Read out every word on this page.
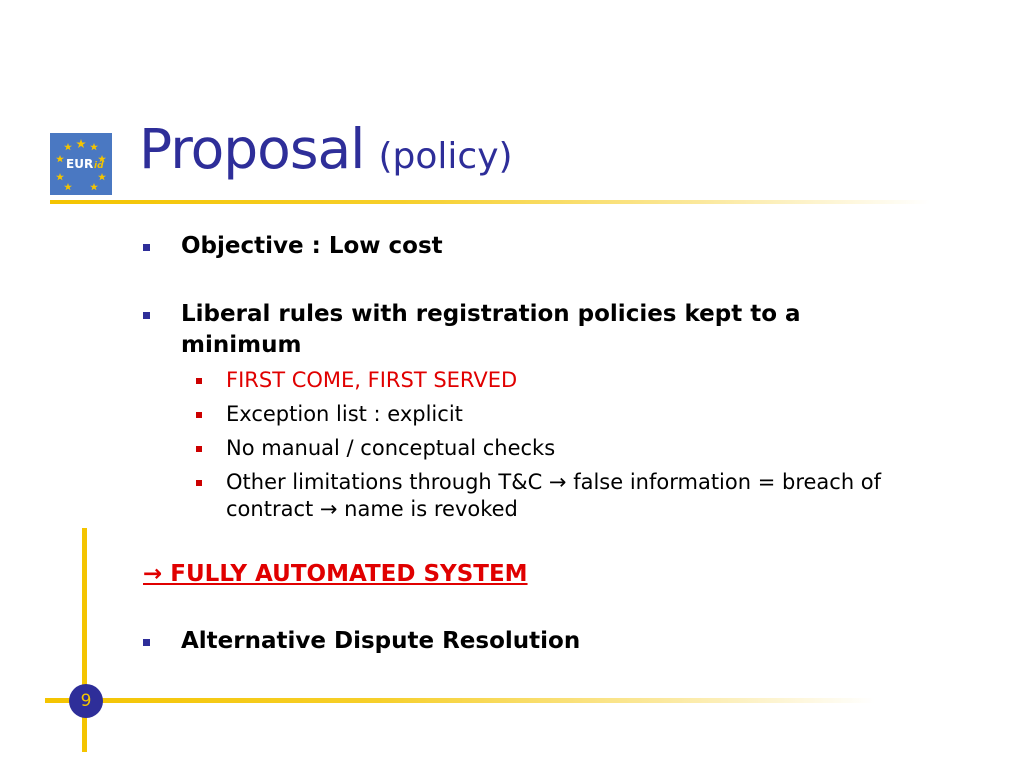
EUR id Proposal (policy)
Objective : Low cost
Liberal rules with registration policies kept to a minimum
FIRST COME, FIRST SERVED
Exception list : explicit
No manual / conceptual checks
Other limitations through T&C → false information = breach of contract → name is revoked
→ FULLY AUTOMATED SYSTEM
Alternative Dispute Resolution
9
